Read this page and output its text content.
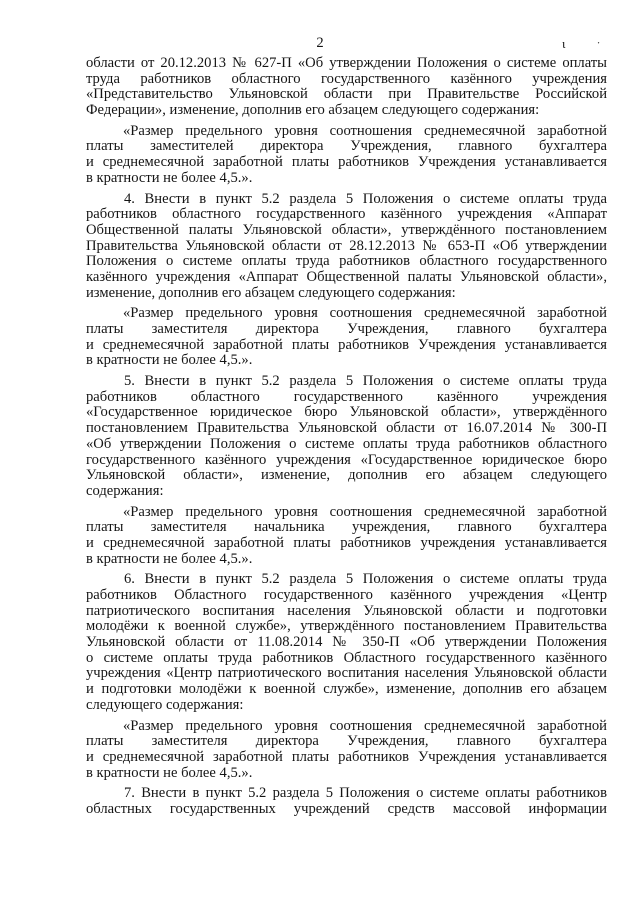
2	ɩ ˑ
области от 20.12.2013 № 627-П «Об утверждении Положения о системе оплаты
труда работников областного государственного казённого учреждения
«Представительство Ульяновской области при Правительстве Российской
Федерации», изменение, дополнив его абзацем следующего содержания:
«Размер предельного уровня соотношения среднемесячной заработной
платы заместителей директора Учреждения, главного бухгалтера
и среднемесячной заработной платы работников Учреждения устанавливается
в кратности не более 4,5.».
4. Внести в пункт 5.2 раздела 5 Положения о системе оплаты труда
работников областного государственного казённого учреждения «Аппарат
Общественной палаты Ульяновской области», утверждённого постановлением
Правительства Ульяновской области от 28.12.2013 № 653-П «Об утверждении
Положения о системе оплаты труда работников областного государственного
казённого учреждения «Аппарат Общественной палаты Ульяновской области»,
изменение, дополнив его абзацем следующего содержания:
«Размер предельного уровня соотношения среднемесячной заработной
платы заместителя директора Учреждения, главного бухгалтера
и среднемесячной заработной платы работников Учреждения устанавливается
в кратности не более 4,5.».
5. Внести в пункт 5.2 раздела 5 Положения о системе оплаты труда
работников областного государственного казённого учреждения
«Государственное юридическое бюро Ульяновской области», утверждённого
постановлением Правительства Ульяновской области от 16.07.2014 № 300-П
«Об утверждении Положения о системе оплаты труда работников областного
государственного казённого учреждения «Государственное юридическое бюро
Ульяновской области», изменение, дополнив его абзацем следующего
содержания:
«Размер предельного уровня соотношения среднемесячной заработной
платы заместителя начальника учреждения, главного бухгалтера
и среднемесячной заработной платы работников учреждения устанавливается
в кратности не более 4,5.».
6. Внести в пункт 5.2 раздела 5 Положения о системе оплаты труда
работников Областного государственного казённого учреждения «Центр
патриотического воспитания населения Ульяновской области и подготовки
молодёжи к военной службе», утверждённого постановлением Правительства
Ульяновской области от 11.08.2014 № 350-П «Об утверждении Положения
о системе оплаты труда работников Областного государственного казённого
учреждения «Центр патриотического воспитания населения Ульяновской области
и подготовки молодёжи к военной службе», изменение, дополнив его абзацем
следующего содержания:
«Размер предельного уровня соотношения среднемесячной заработной
платы заместителя директора Учреждения, главного бухгалтера
и среднемесячной заработной платы работников Учреждения устанавливается
в кратности не более 4,5.».
7. Внести в пункт 5.2 раздела 5 Положения о системе оплаты работников
областных государственных учреждений средств массовой информации
